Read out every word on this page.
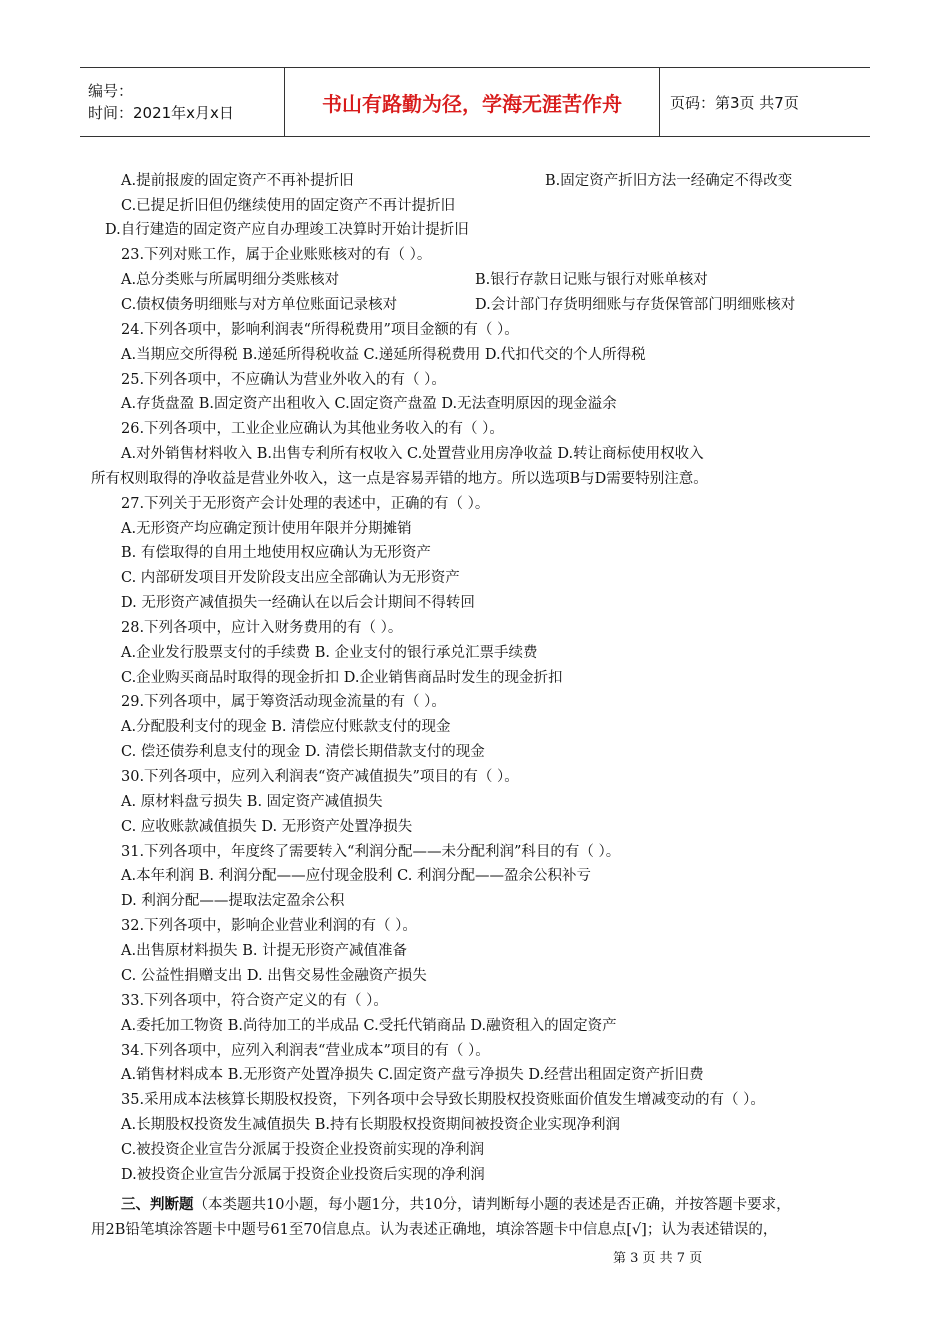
编号：
时间：2021年x月x日	书山有路勤为径，学海无涯苦作舟	页码：第3页 共7页
B.固定资产折旧方法一经确定不得改变
B.银行存款日记账与银行对账单核对
D.会计部门存货明细账与存货保管部门明细账核对
三、判断题（本类题共10小题，每小题1分，共10分，请判断每小题的表述是否正确，并按答题卡要求，
第 3 页 共 7 页
A.提前报废的固定资产不再补提折旧
C.已提足折旧但仍继续使用的固定资产不再计提折旧
D.自行建造的固定资产应自办理竣工决算时开始计提折旧
23.下列对账工作，属于企业账账核对的有（ ）。
A.总分类账与所属明细分类账核对
C.债权债务明细账与对方单位账面记录核对
24.下列各项中，影响利润表“所得税费用”项目金额的有（ ）。
A.当期应交所得税 B.递延所得税收益 C.递延所得税费用 D.代扣代交的个人所得税
25.下列各项中，不应确认为营业外收入的有（ ）。
A.存货盘盈 B.固定资产出租收入 C.固定资产盘盈 D.无法查明原因的现金溢余
26.下列各项中，工业企业应确认为其他业务收入的有（ ）。
A.对外销售材料收入 B.出售专利所有权收入 C.处置营业用房净收益 D.转让商标使用权收入
所有权则取得的净收益是营业外收入，这一点是容易弄错的地方。所以选项B与D需要特别注意。
27.下列关于无形资产会计处理的表述中，正确的有（ ）。
A.无形资产均应确定预计使用年限并分期摊销
B. 有偿取得的自用土地使用权应确认为无形资产
C. 内部研发项目开发阶段支出应全部确认为无形资产
D. 无形资产减值损失一经确认在以后会计期间不得转回
28.下列各项中，应计入财务费用的有（ ）。
A.企业发行股票支付的手续费 B. 企业支付的银行承兑汇票手续费
C.企业购买商品时取得的现金折扣 D.企业销售商品时发生的现金折扣
29.下列各项中，属于筹资活动现金流量的有（ ）。
A.分配股利支付的现金 B. 清偿应付账款支付的现金
C. 偿还债券利息支付的现金 D. 清偿长期借款支付的现金
30.下列各项中，应列入利润表“资产减值损失”项目的有（ ）。
A. 原材料盘亏损失 B. 固定资产减值损失
C. 应收账款减值损失 D. 无形资产处置净损失
31.下列各项中，年度终了需要转入“利润分配——未分配利润”科目的有（ ）。
A.本年利润 B. 利润分配——应付现金股利 C. 利润分配——盈余公积补亏
D. 利润分配——提取法定盈余公积
32.下列各项中，影响企业营业利润的有（ ）。
A.出售原材料损失 B. 计提无形资产减值准备
C. 公益性捐赠支出 D. 出售交易性金融资产损失
33.下列各项中，符合资产定义的有（ ）。
A.委托加工物资 B.尚待加工的半成品 C.受托代销商品 D.融资租入的固定资产
34.下列各项中，应列入利润表“营业成本”项目的有（ ）。
A.销售材料成本 B.无形资产处置净损失 C.固定资产盘亏净损失 D.经营出租固定资产折旧费
35.采用成本法核算长期股权投资，下列各项中会导致长期股权投资账面价值发生增减变动的有（ ）。
A.长期股权投资发生减值损失 B.持有长期股权投资期间被投资企业实现净利润
C.被投资企业宣告分派属于投资企业投资前实现的净利润
D.被投资企业宣告分派属于投资企业投资后实现的净利润
用2B铅笔填涂答题卡中题号61至70信息点。认为表述正确地，填涂答题卡中信息点[√]；认为表述错误的，
